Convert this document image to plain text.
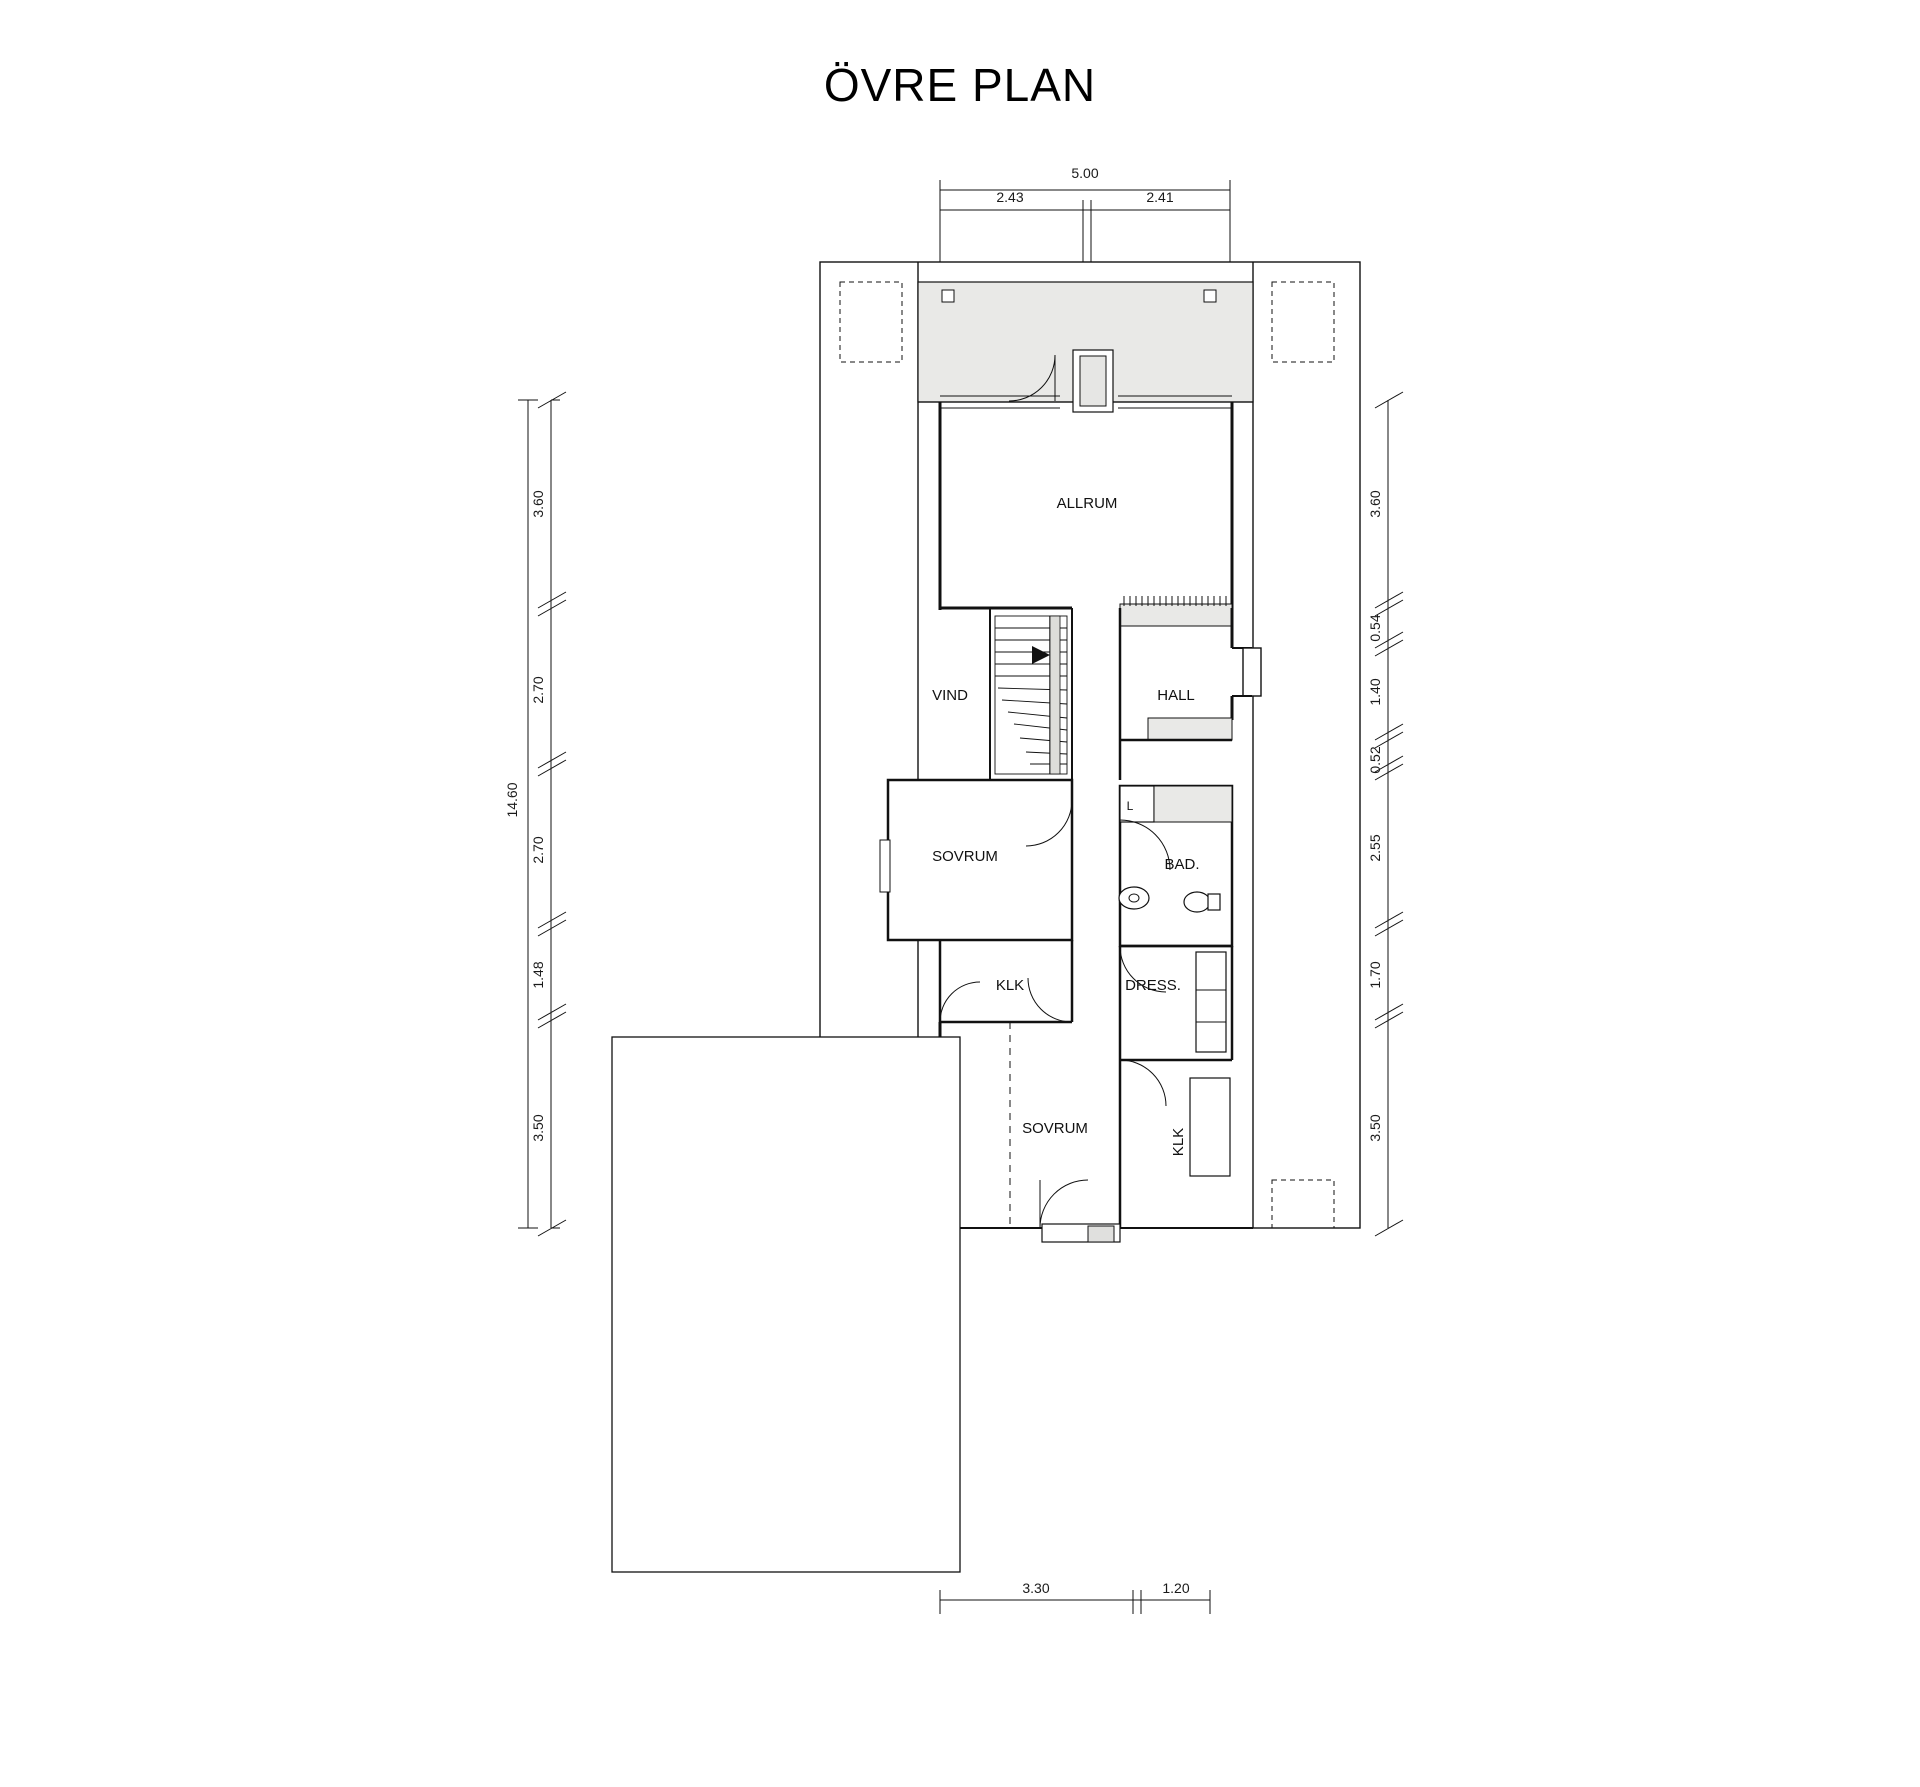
ÖVRE PLAN
5.00
2.43	2.41
14.60
3.60
2.70
2.70
1.48
3.50
3.60
0.54
1.40
0.52
2.55
1.70
3.50
3.30	1.20
ALLRUM
VIND	HALL
SOVRUM	BAD.
KLK	DRESS.
SOVRUM	KLK
L
